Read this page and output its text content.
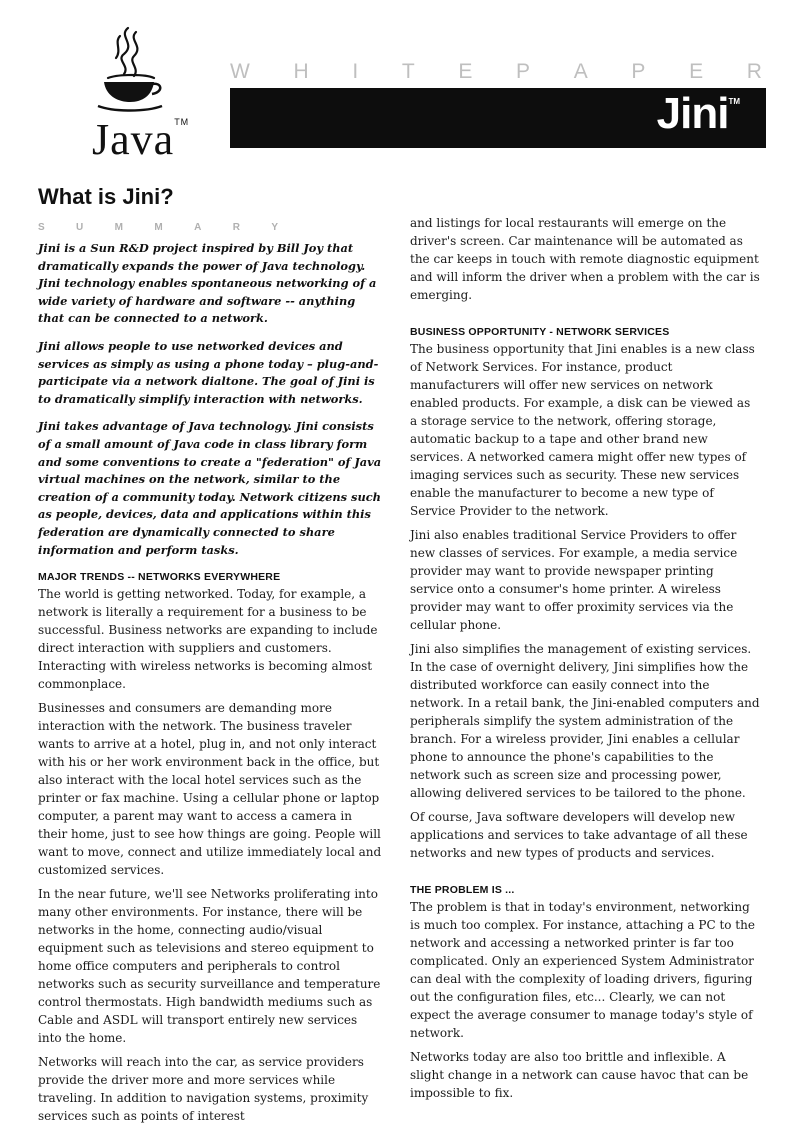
Java™
W H I T E P A P E R
Jini™
What is Jini?
S	U	M	M	A	R	Y

Jini is a Sun R&D project inspired by Bill Joy that dramatically expands the power of Java technology. Jini technology enables spontaneous networking of a wide variety of hardware and software -- anything that can be connected to a network.

Jini allows people to use networked devices and services as simply as using a phone today – plug-and-participate via a network dialtone. The goal of Jini is to dramatically simplify interaction with networks.

Jini takes advantage of Java technology. Jini consists of a small amount of Java code in class library form and some conventions to create a "federation" of Java virtual machines on the network, similar to the creation of a community today. Network citizens such as people, devices, data and applications within this federation are dynamically connected to share information and perform tasks.

MAJOR TRENDS -- NETWORKS EVERYWHERE

The world is getting networked. Today, for example, a network is literally a requirement for a business to be successful. Business networks are expanding to include direct interaction with suppliers and customers. Interacting with wireless networks is becoming almost commonplace.

Businesses and consumers are demanding more interaction with the network. The business traveler wants to arrive at a hotel, plug in, and not only interact with his or her work environment back in the office, but also interact with the local hotel services such as the printer or fax machine. Using a cellular phone or laptop computer, a parent may want to access a camera in their home, just to see how things are going. People will want to move, connect and utilize immediately local and customized services.

In the near future, we'll see Networks proliferating into many other environments. For instance, there will be networks in the home, connecting audio/visual equipment such as televisions and stereo equipment to home office computers and peripherals to control networks such as security surveillance and temperature control thermostats. High bandwidth mediums such as Cable and ASDL will transport entirely new services into the home.

Networks will reach into the car, as service providers provide the driver more and more services while traveling. In addition to navigation systems, proximity services such as points of interest

and listings for local restaurants will emerge on the driver's screen. Car maintenance will be automated as the car keeps in touch with remote diagnostic equipment and will inform the driver when a problem with the car is emerging.

BUSINESS OPPORTUNITY - NETWORK SERVICES

The business opportunity that Jini enables is a new class of Network Services. For instance, product manufacturers will offer new services on network enabled products. For example, a disk can be viewed as a storage service to the network, offering storage, automatic backup to a tape and other brand new services. A networked camera might offer new types of imaging services such as security. These new services enable the manufacturer to become a new type of Service Provider to the network.

Jini also enables traditional Service Providers to offer new classes of services. For example, a media service provider may want to provide newspaper printing service onto a consumer's home printer. A wireless provider may want to offer proximity services via the cellular phone.

Jini also simplifies the management of existing services. In the case of overnight delivery, Jini simplifies how the distributed workforce can easily connect into the network. In a retail bank, the Jini-enabled computers and peripherals simplify the system administration of the branch. For a wireless provider, Jini enables a cellular phone to announce the phone's capabilities to the network such as screen size and processing power, allowing delivered services to be tailored to the phone.

Of course, Java software developers will develop new applications and services to take advantage of all these networks and new types of products and services.

THE PROBLEM IS ...

The problem is that in today's environment, networking is much too complex. For instance, attaching a PC to the network and accessing a networked printer is far too complicated. Only an experienced System Administrator can deal with the complexity of loading drivers, figuring out the configuration files, etc... Clearly, we can not expect the average consumer to manage today's style of network.

Networks today are also too brittle and inflexible. A slight change in a network can cause havoc that can be impossible to fix.
